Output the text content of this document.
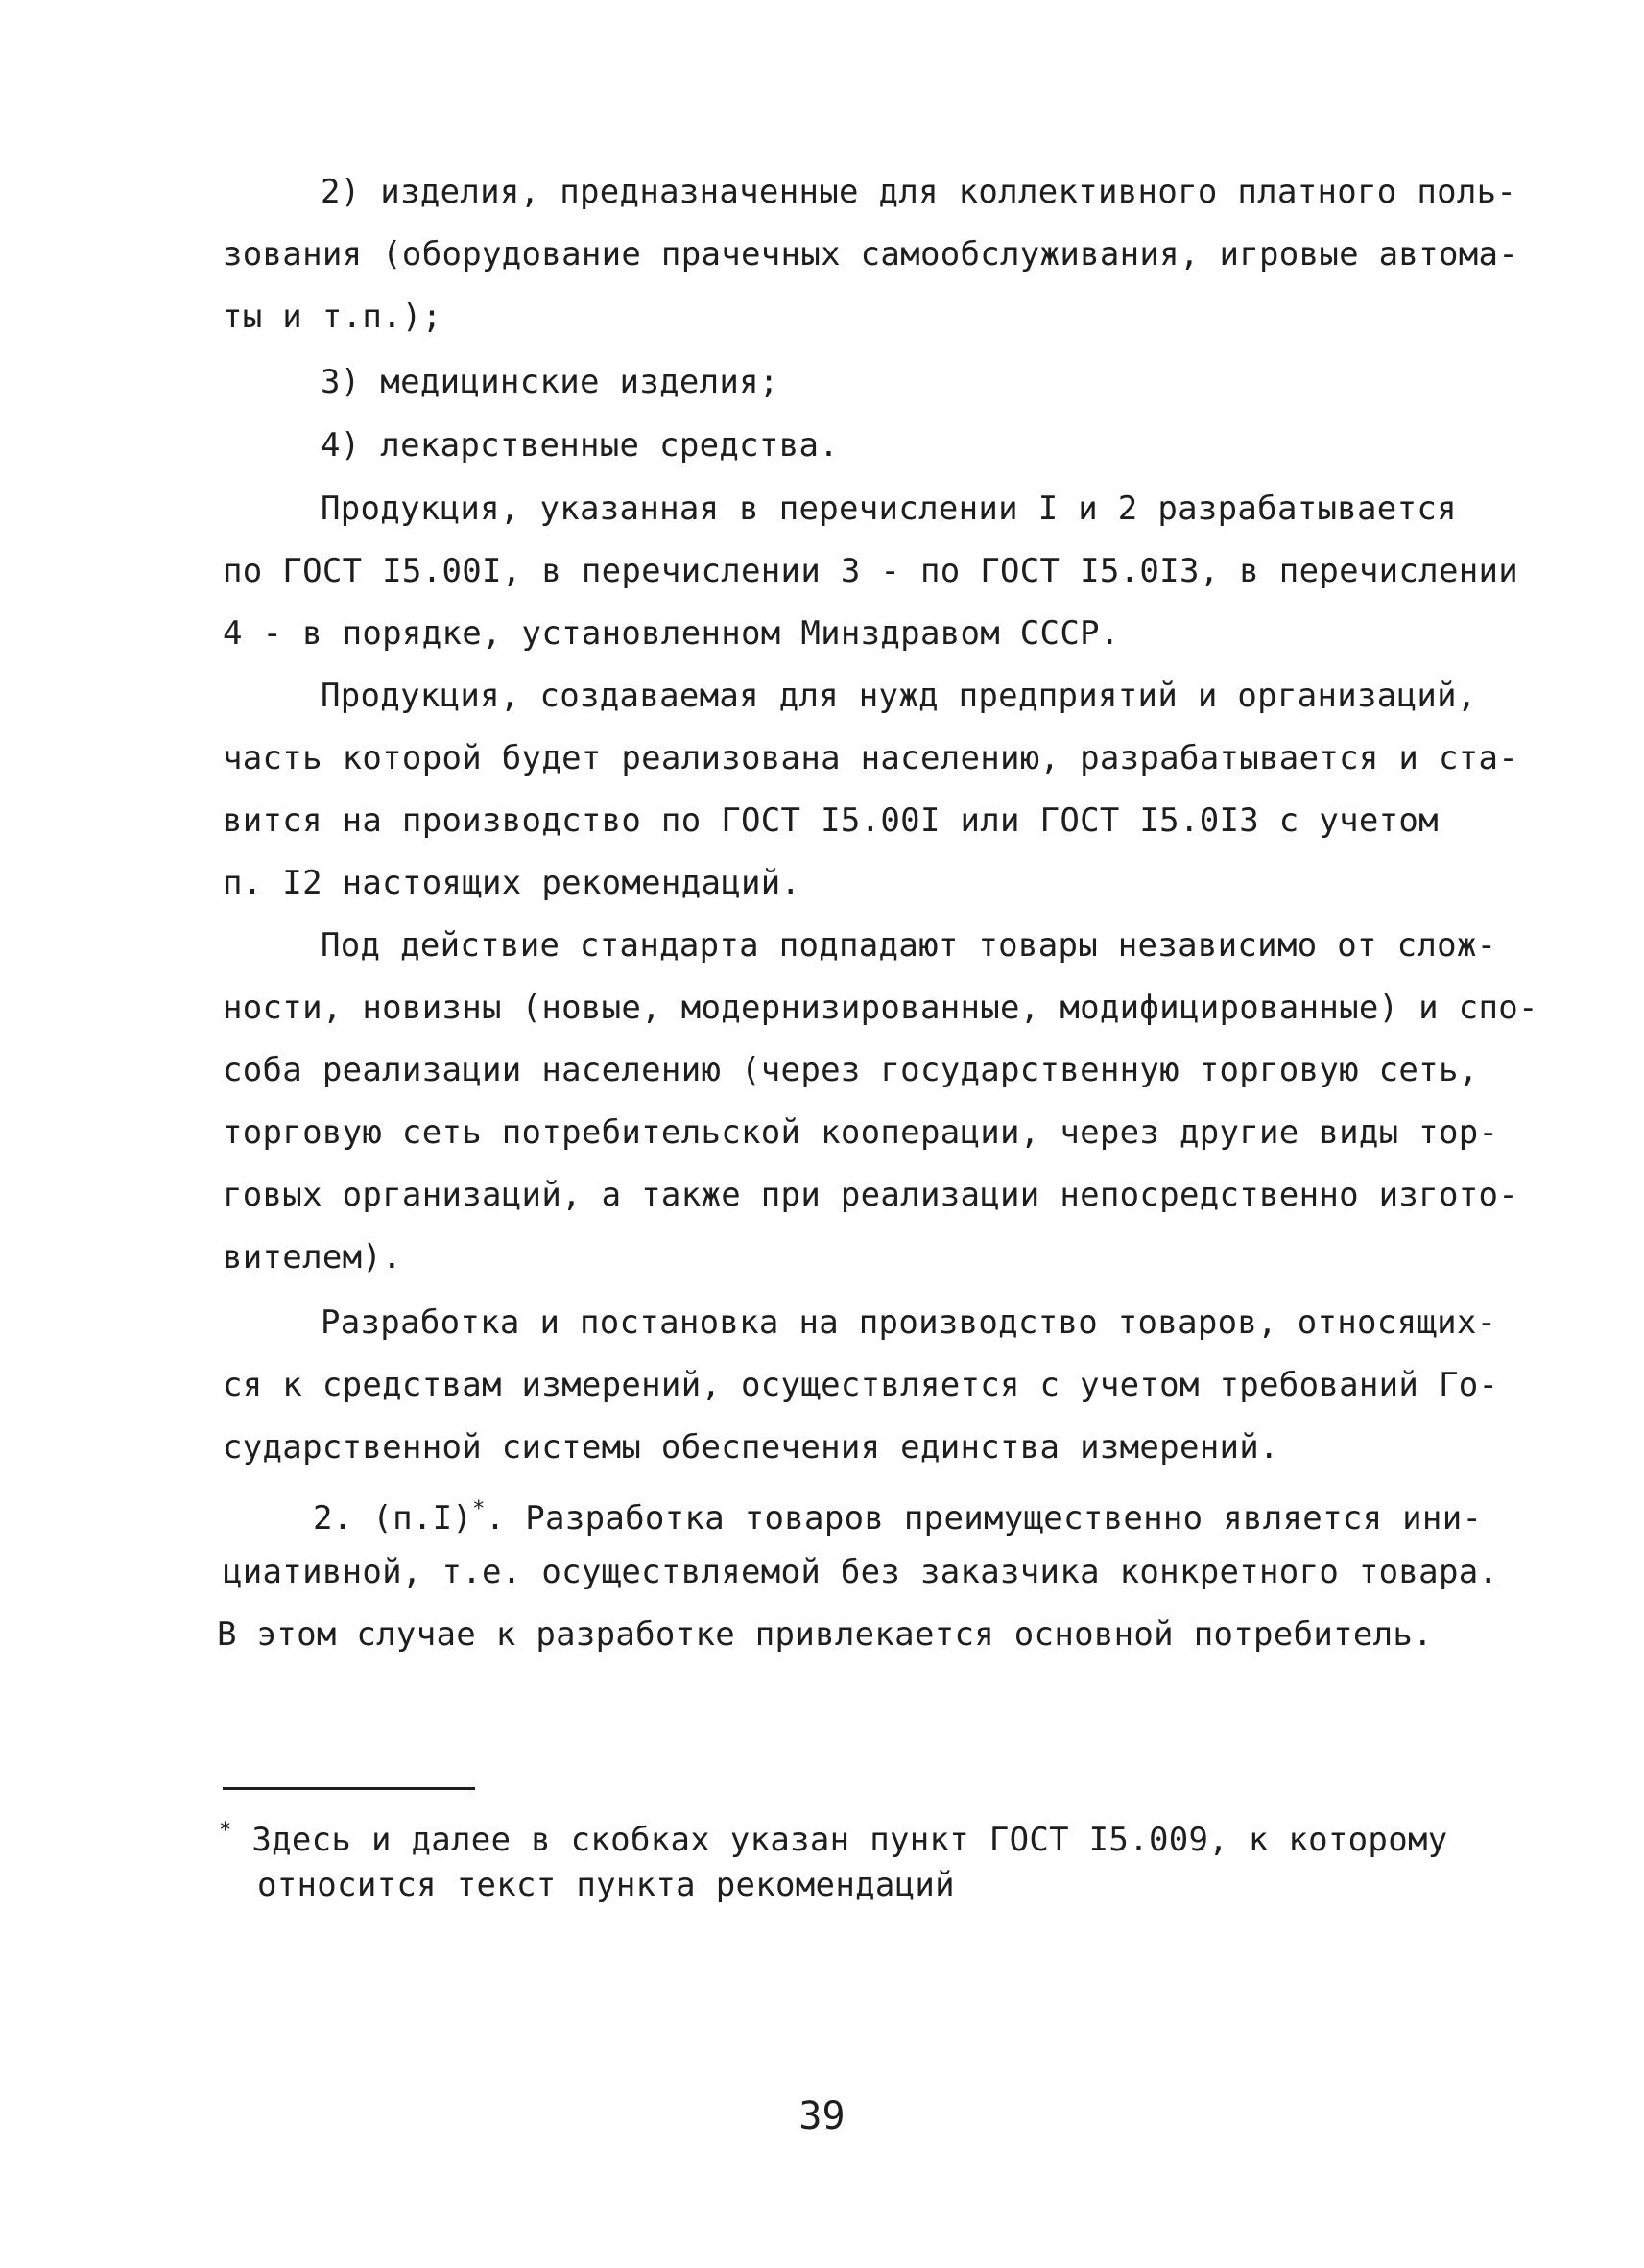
2) изделия, предназначенные для коллективного платного поль-
зования (оборудование прачечных самообслуживания, игровые автома-
ты и т.п.);
3) медицинские изделия;
4) лекарственные средства.
Продукция, указанная в перечислении I и 2 разрабатывается
по ГОСТ I5.00I, в перечислении 3 - по ГОСТ I5.0I3, в перечислении
4 - в порядке, установленном Минздравом СССР.
Продукция, создаваемая для нужд предприятий и организаций,
часть которой будет реализована населению, разрабатывается и ста-
вится на производство по ГОСТ I5.00I или ГОСТ I5.0I3 с учетом
п. I2 настоящих рекомендаций.
Под действие стандарта подпадают товары независимо от слож-
ности, новизны (новые, модернизированные, модифицированные) и спо-
соба реализации населению (через государственную торговую сеть,
торговую сеть потребительской кооперации, через другие виды тор-
говых организаций, а также при реализации непосредственно изгото-
вителем).
Разработка и постановка на производство товаров, относящих-
ся к средствам измерений, осуществляется с учетом требований Го-
сударственной системы обеспечения единства измерений.
2. (п.I)*. Разработка товаров преимущественно является ини-
циативной, т.е. осуществляемой без заказчика конкретного товара.
В этом случае к разработке привлекается основной потребитель.
* Здесь и далее в скобках указан пункт ГОСТ I5.009, к которому
относится текст пункта рекомендаций
39
